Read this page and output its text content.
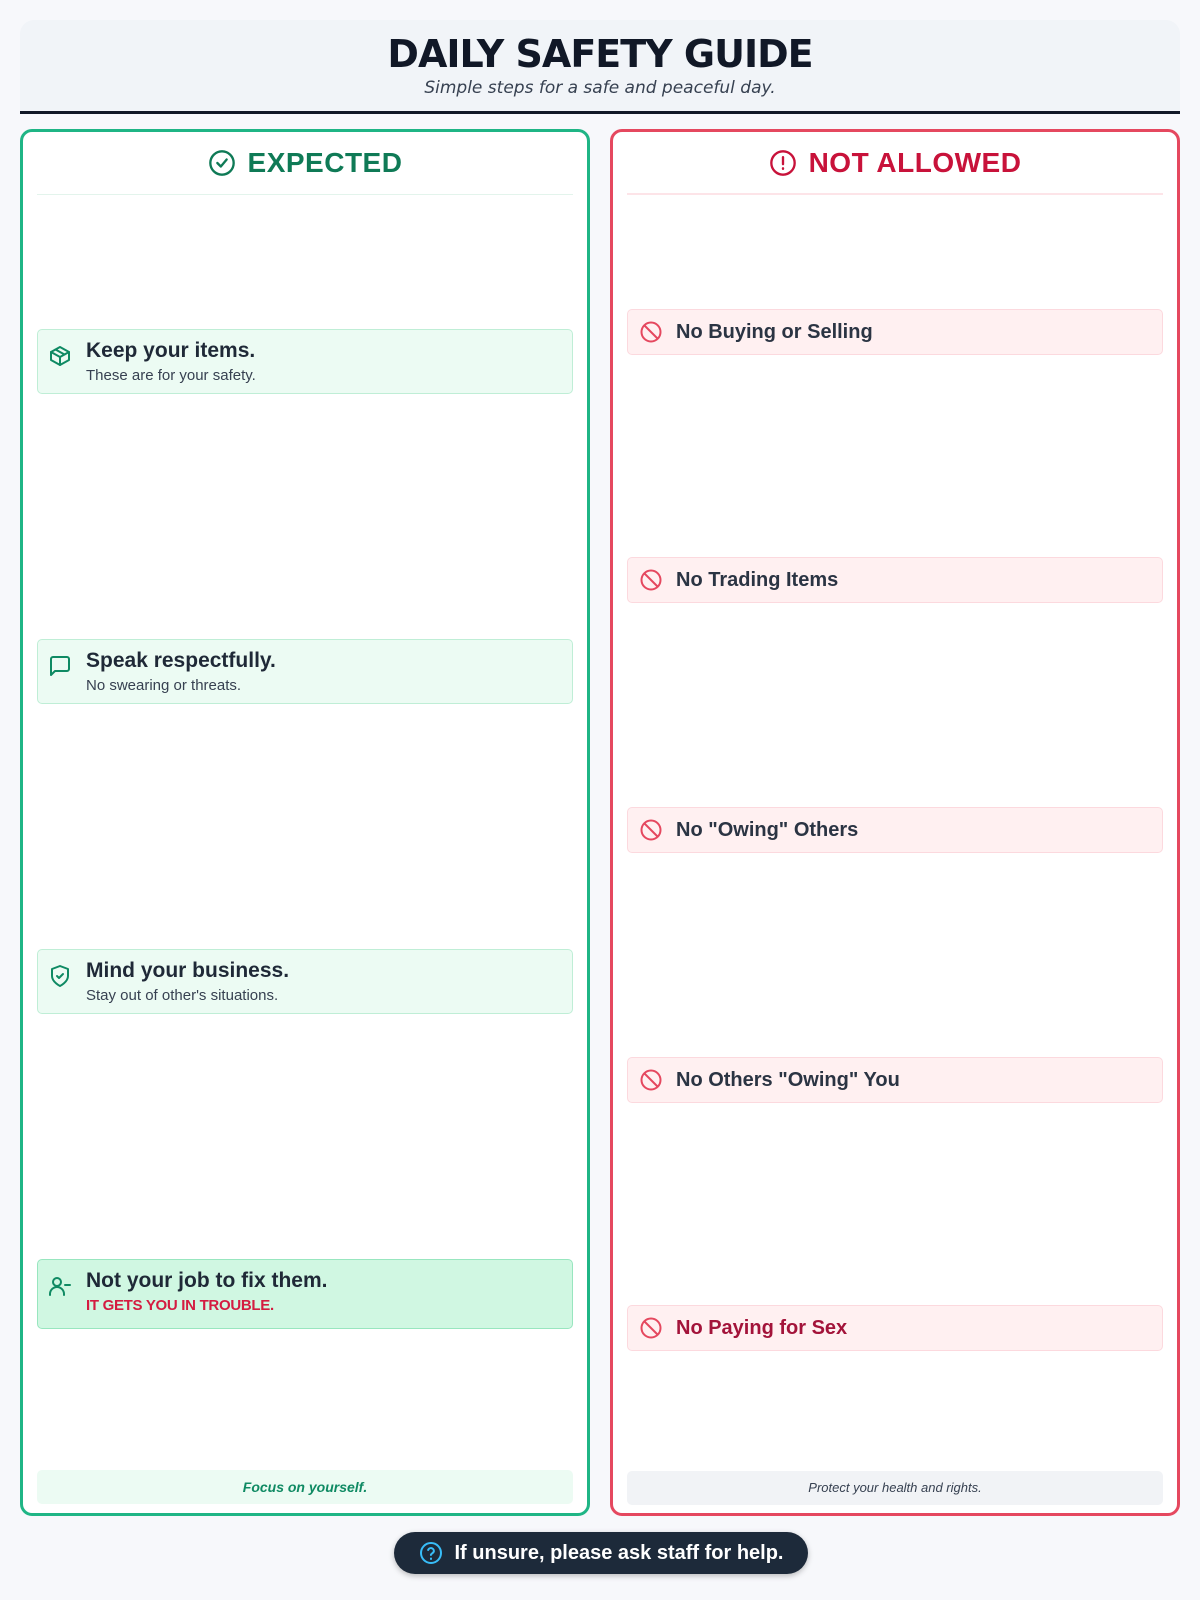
DAILY SAFETY GUIDE
Simple steps for a safe and peaceful day.
EXPECTED
Keep your items.
These are for your safety.
Speak respectfully.
No swearing or threats.
Mind your business.
Stay out of other's situations.
Not your job to fix them.
IT GETS YOU IN TROUBLE.
Focus on yourself.
NOT ALLOWED
No Buying or Selling
No Trading Items
No "Owing" Others
No Others "Owing" You
No Paying for Sex
Protect your health and rights.
If unsure, please ask staff for help.
